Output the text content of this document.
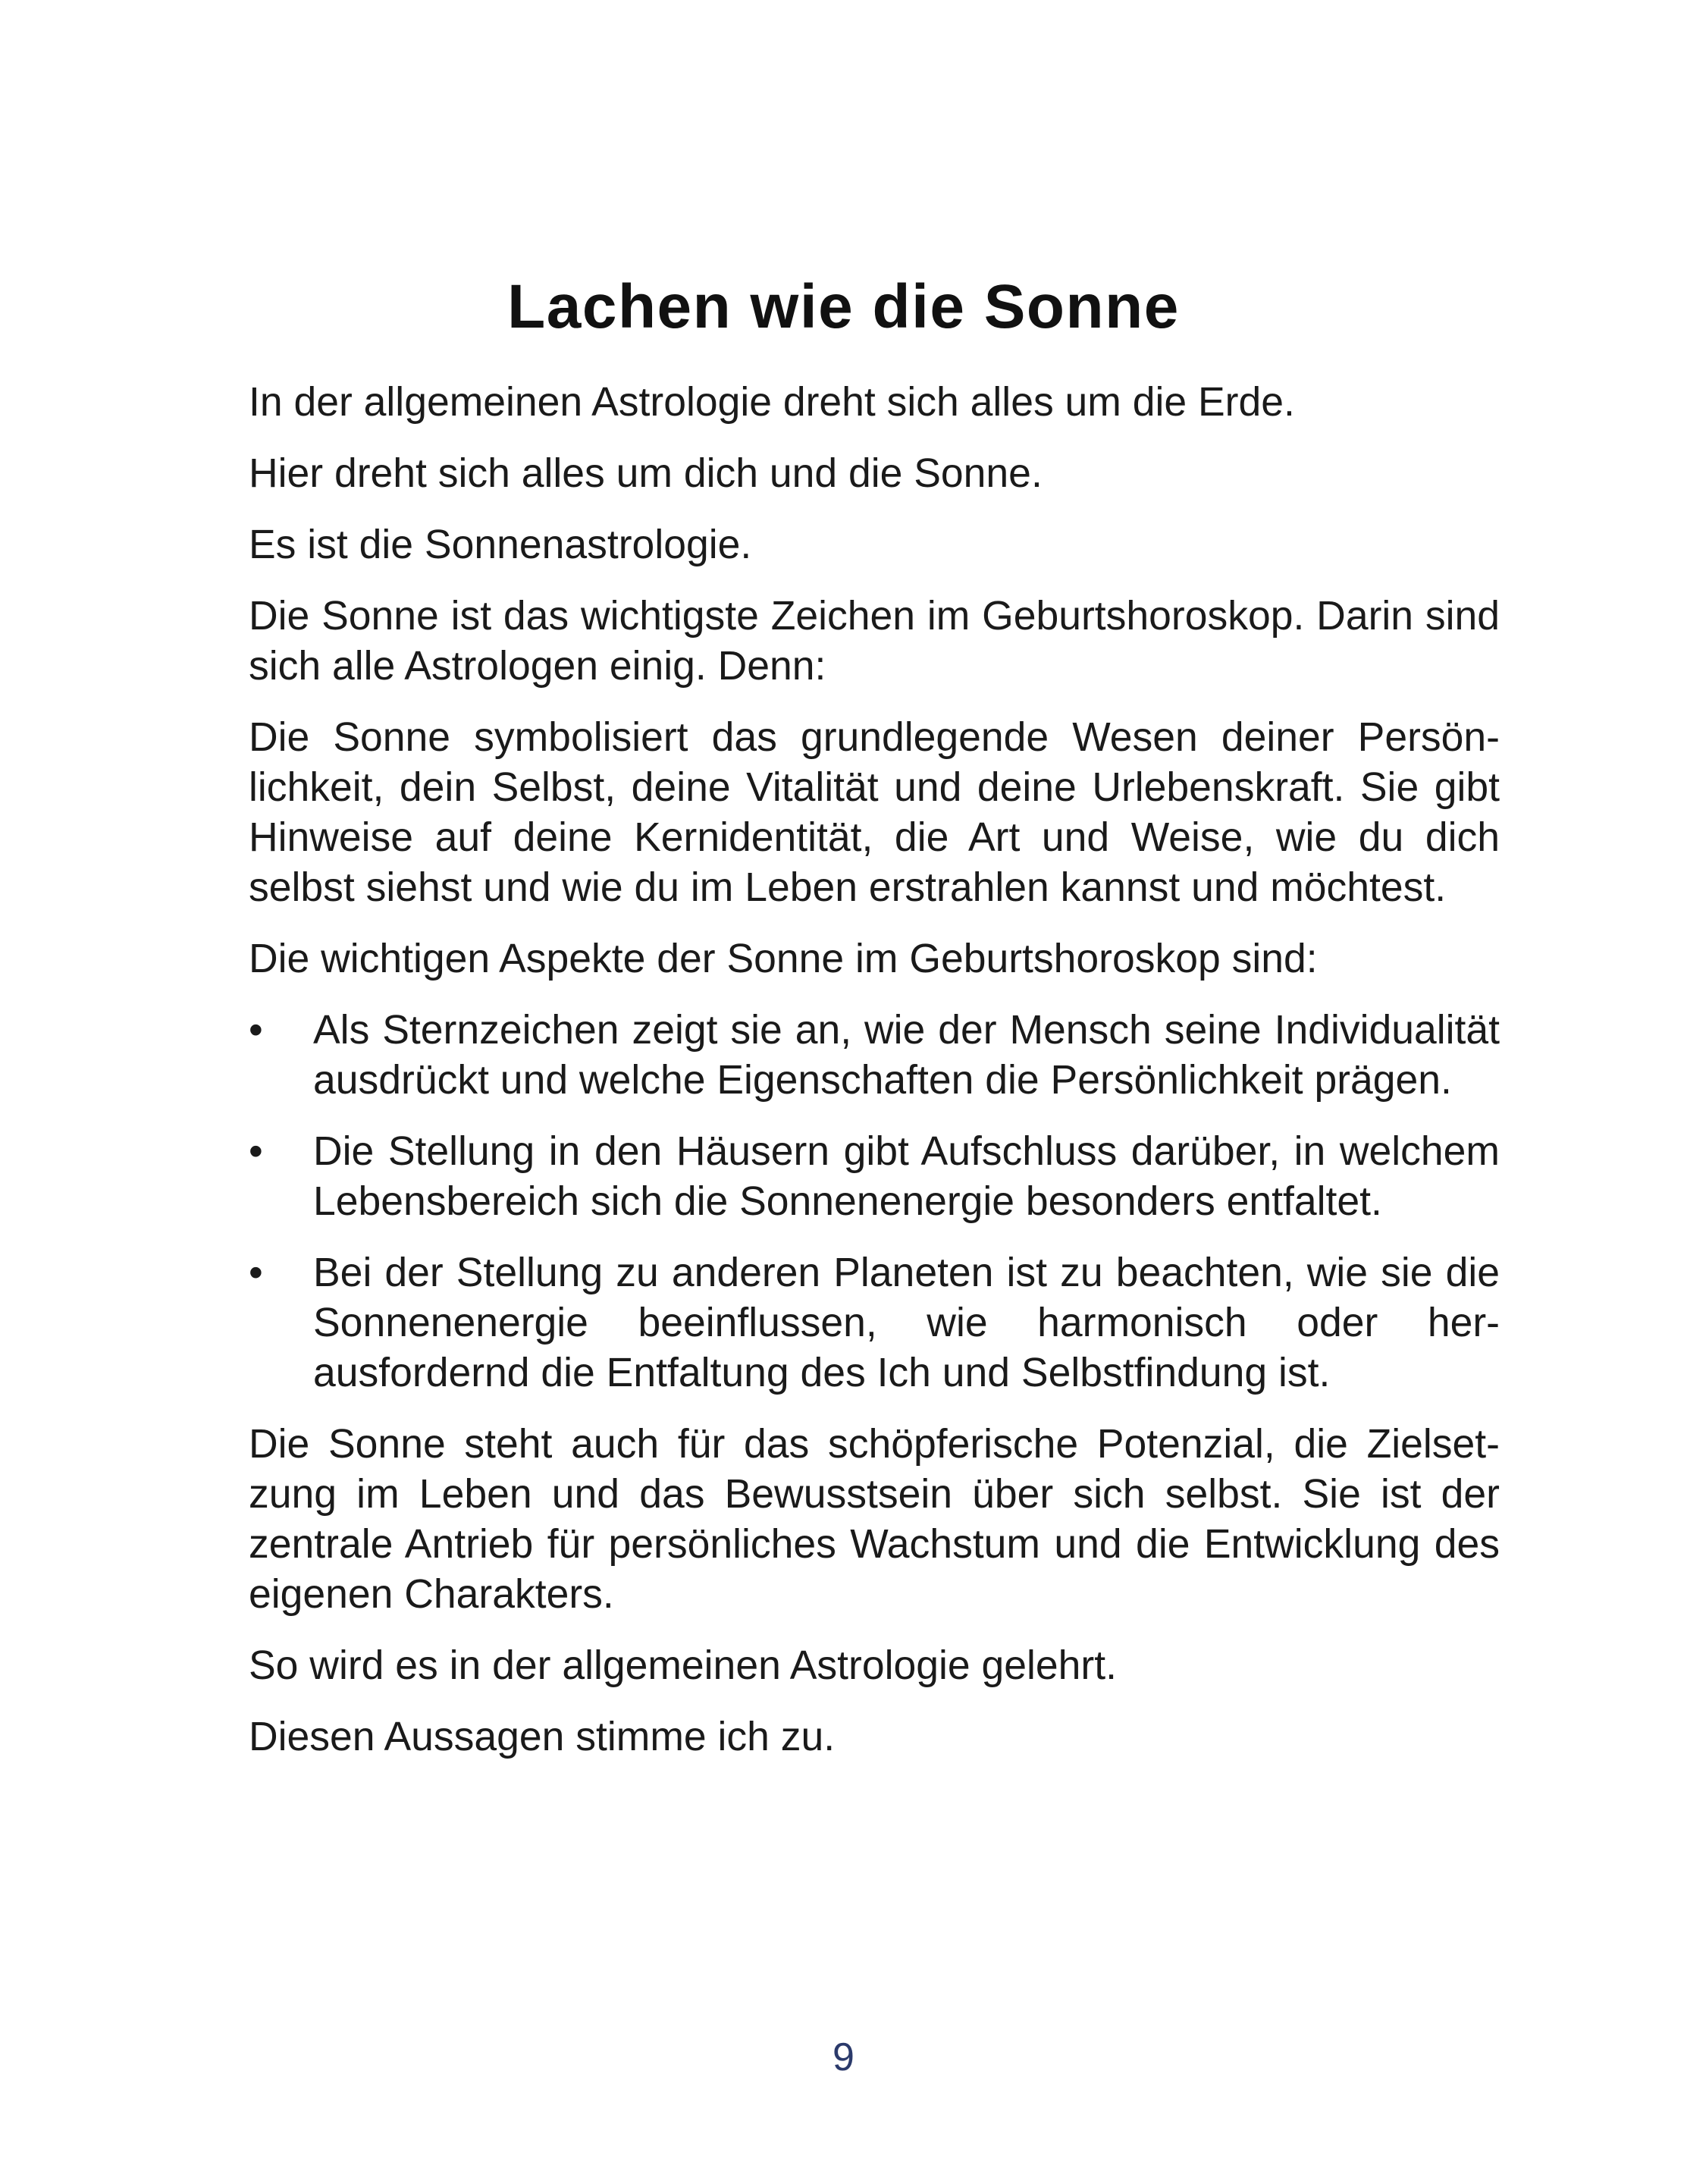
Lachen wie die Sonne

In der allgemeinen Astrologie dreht sich alles um die Erde.

Hier dreht sich alles um dich und die Sonne.

Es ist die Sonnenastrologie.

Die Sonne ist das wichtigste Zeichen im Geburtshoroskop. Darin sind sich alle Astrologen einig. Denn:

Die Sonne symbolisiert das grundlegende Wesen deiner Persönlichkeit, dein Selbst, deine Vitalität und deine Urlebenskraft. Sie gibt Hinweise auf deine Kernidentität, die Art und Weise, wie du dich selbst siehst und wie du im Leben erstrahlen kannst und möchtest.

Die wichtigen Aspekte der Sonne im Geburtshoroskop sind:

•	Als Sternzeichen zeigt sie an, wie der Mensch seine Individualität ausdrückt und welche Eigenschaften die Persönlichkeit prägen.
•	Die Stellung in den Häusern gibt Aufschluss darüber, in welchem Lebensbereich sich die Sonnenenergie besonders entfaltet.
•	Bei der Stellung zu anderen Planeten ist zu beachten, wie sie die Sonnenenergie beeinflussen, wie harmonisch oder herausfordernd die Entfaltung des Ich und Selbstfindung ist.

Die Sonne steht auch für das schöpferische Potenzial, die Zielsetzung im Leben und das Bewusstsein über sich selbst. Sie ist der zentrale Antrieb für persönliches Wachstum und die Entwicklung des eigenen Charakters.

So wird es in der allgemeinen Astrologie gelehrt.

Diesen Aussagen stimme ich zu.

9
